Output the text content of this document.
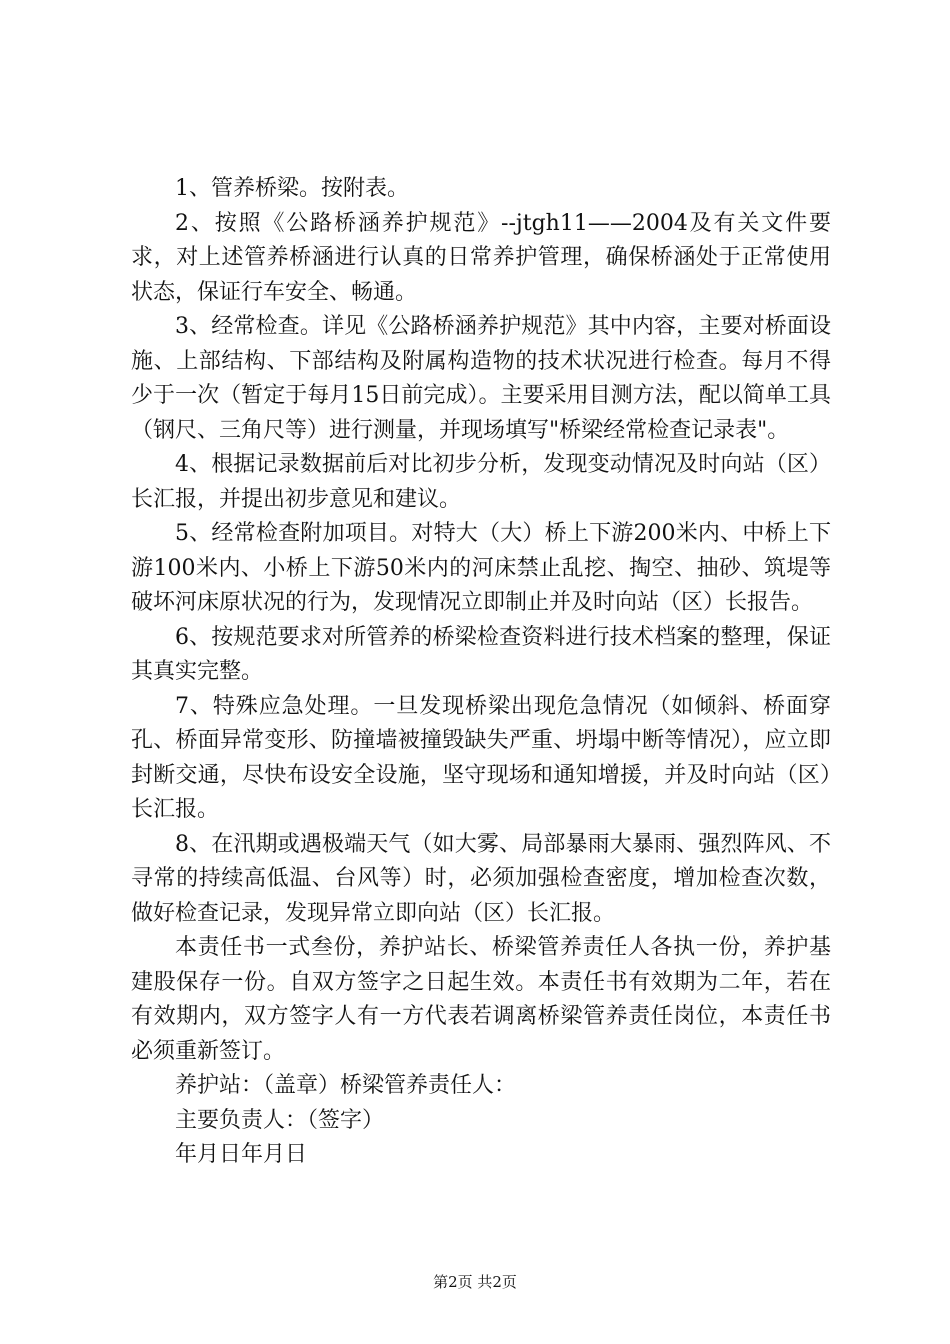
1、管养桥梁。按附表。

2、按照《公路桥涵养护规范》--jtgh11——2004及有关文件要求，对上述管养桥涵进行认真的日常养护管理，确保桥涵处于正常使用状态，保证行车安全、畅通。

3、经常检查。详见《公路桥涵养护规范》其中内容，主要对桥面设施、上部结构、下部结构及附属构造物的技术状况进行检查。每月不得少于一次（暂定于每月15日前完成）。主要采用目测方法，配以简单工具（钢尺、三角尺等）进行测量，并现场填写"桥梁经常检查记录表"。

4、根据记录数据前后对比初步分析，发现变动情况及时向站（区）长汇报，并提出初步意见和建议。

5、经常检查附加项目。对特大（大）桥上下游200米内、中桥上下游100米内、小桥上下游50米内的河床禁止乱挖、掏空、抽砂、筑堤等破坏河床原状况的行为，发现情况立即制止并及时向站（区）长报告。

6、按规范要求对所管养的桥梁检查资料进行技术档案的整理，保证其真实完整。

7、特殊应急处理。一旦发现桥梁出现危急情况（如倾斜、桥面穿孔、桥面异常变形、防撞墙被撞毁缺失严重、坍塌中断等情况），应立即封断交通，尽快布设安全设施，坚守现场和通知增援，并及时向站（区）长汇报。

8、在汛期或遇极端天气（如大雾、局部暴雨大暴雨、强烈阵风、不寻常的持续高低温、台风等）时，必须加强检查密度，增加检查次数，做好检查记录，发现异常立即向站（区）长汇报。

本责任书一式叁份，养护站长、桥梁管养责任人各执一份，养护基建股保存一份。自双方签字之日起生效。本责任书有效期为二年，若在有效期内，双方签字人有一方代表若调离桥梁管养责任岗位，本责任书必须重新签订。

养护站：（盖章）桥梁管养责任人：
主要负责人：（签字）
年月日年月日
第2页 共2页
